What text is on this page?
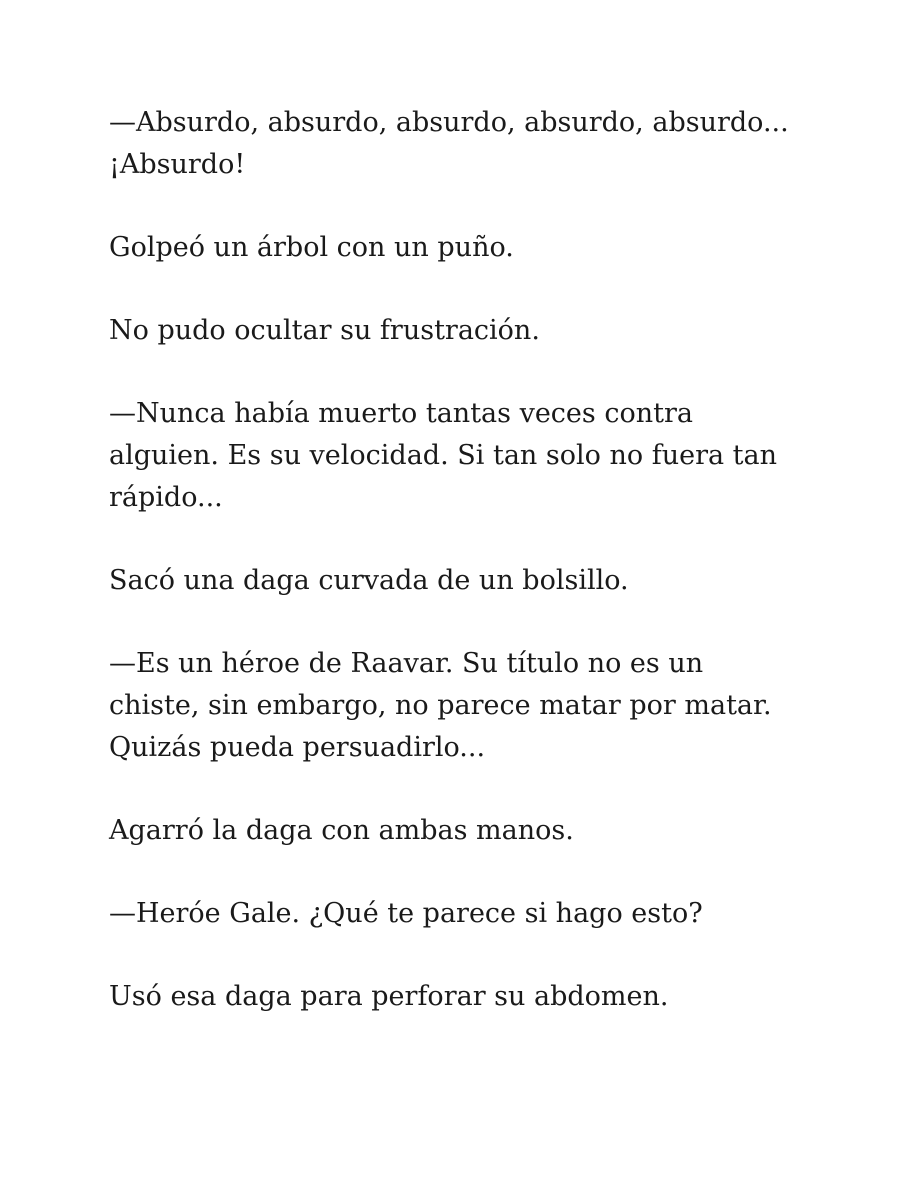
—Absurdo, absurdo, absurdo, absurdo, absurdo... ¡Absurdo!

Golpeó un árbol con un puño.

No pudo ocultar su frustración.

—Nunca había muerto tantas veces contra alguien. Es su velocidad. Si tan solo no fuera tan rápido...

Sacó una daga curvada de un bolsillo.

—Es un héroe de Raavar. Su título no es un chiste, sin embargo, no parece matar por matar. Quizás pueda persuadirlo...

Agarró la daga con ambas manos.

—Heróe Gale. ¿Qué te parece si hago esto?

Usó esa daga para perforar su abdomen.
